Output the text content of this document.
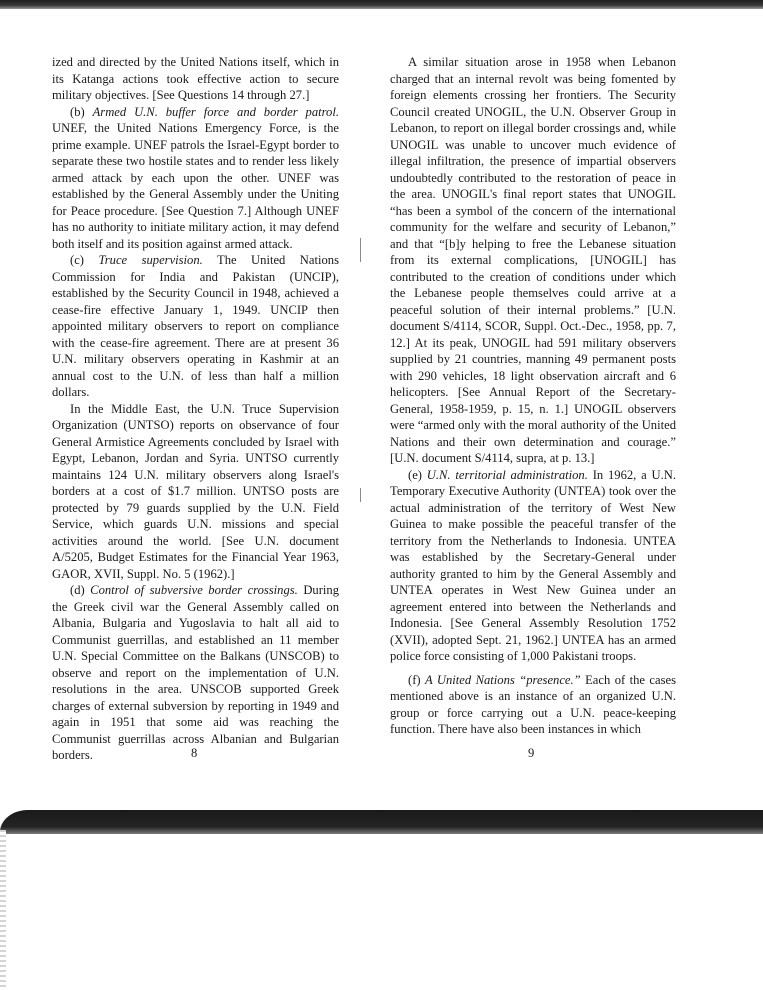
ized and directed by the United Nations itself, which in its Katanga actions took effective action to secure military objectives. [See Questions 14 through 27.]

(b) Armed U.N. buffer force and border patrol. UNEF, the United Nations Emergency Force, is the prime example. UNEF patrols the Israel-Egypt border to separate these two hostile states and to render less likely armed attack by each upon the other. UNEF was established by the General Assembly under the Uniting for Peace procedure. [See Question 7.] Although UNEF has no authority to initiate military action, it may defend both itself and its position against armed attack.

(c) Truce supervision. The United Nations Commission for India and Pakistan (UNCIP), established by the Security Council in 1948, achieved a cease-fire effective January 1, 1949. UNCIP then appointed military observers to report on compliance with the cease-fire agreement. There are at present 36 U.N. military observers operating in Kashmir at an annual cost to the U.N. of less than half a million dollars.

In the Middle East, the U.N. Truce Supervision Organization (UNTSO) reports on observance of four General Armistice Agreements concluded by Israel with Egypt, Lebanon, Jordan and Syria. UNTSO currently maintains 124 U.N. military observers along Israel's borders at a cost of $1.7 million. UNTSO posts are protected by 79 guards supplied by the U.N. Field Service, which guards U.N. missions and special activities around the world. [See U.N. document A/5205, Budget Estimates for the Financial Year 1963, GAOR, XVII, Suppl. No. 5 (1962).]

(d) Control of subversive border crossings. During the Greek civil war the General Assembly called on Albania, Bulgaria and Yugoslavia to halt all aid to Communist guerrillas, and established an 11 member U.N. Special Committee on the Balkans (UNSCOB) to observe and report on the implementation of U.N. resolutions in the area. UNSCOB supported Greek charges of external subversion by reporting in 1949 and again in 1951 that some aid was reaching the Communist guerrillas across Albanian and Bulgarian borders.

A similar situation arose in 1958 when Lebanon charged that an internal revolt was being fomented by foreign elements crossing her frontiers. The Security Council created UNOGIL, the U.N. Observer Group in Lebanon, to report on illegal border crossings and, while UNOGIL was unable to uncover much evidence of illegal infiltration, the presence of impartial observers undoubtedly contributed to the restoration of peace in the area. UNOGIL's final report states that UNOGIL “has been a symbol of the concern of the international community for the welfare and security of Lebanon,” and that “[b]y helping to free the Lebanese situation from its external complications, [UNOGIL] has contributed to the creation of conditions under which the Lebanese people themselves could arrive at a peaceful solution of their internal problems.” [U.N. document S/4114, SCOR, Suppl. Oct.-Dec., 1958, pp. 7, 12.] At its peak, UNOGIL had 591 military observers supplied by 21 countries, manning 49 permanent posts with 290 vehicles, 18 light observation aircraft and 6 helicopters. [See Annual Report of the Secretary-General, 1958-1959, p. 15, n. 1.] UNOGIL observers were “armed only with the moral authority of the United Nations and their own determination and courage.” [U.N. document S/4114, supra, at p. 13.]

(e) U.N. territorial administration. In 1962, a U.N. Temporary Executive Authority (UNTEA) took over the actual administration of the territory of West New Guinea to make possible the peaceful transfer of the territory from the Netherlands to Indonesia. UNTEA was established by the Secretary-General under authority granted to him by the General Assembly and UNTEA operates in West New Guinea under an agreement entered into between the Netherlands and Indonesia. [See General Assembly Resolution 1752 (XVII), adopted Sept. 21, 1962.] UNTEA has an armed police force consisting of 1,000 Pakistani troops.

(f) A United Nations “presence.” Each of the cases mentioned above is an instance of an organized U.N. group or force carrying out a U.N. peace-keeping function. There have also been instances in which

8	9
